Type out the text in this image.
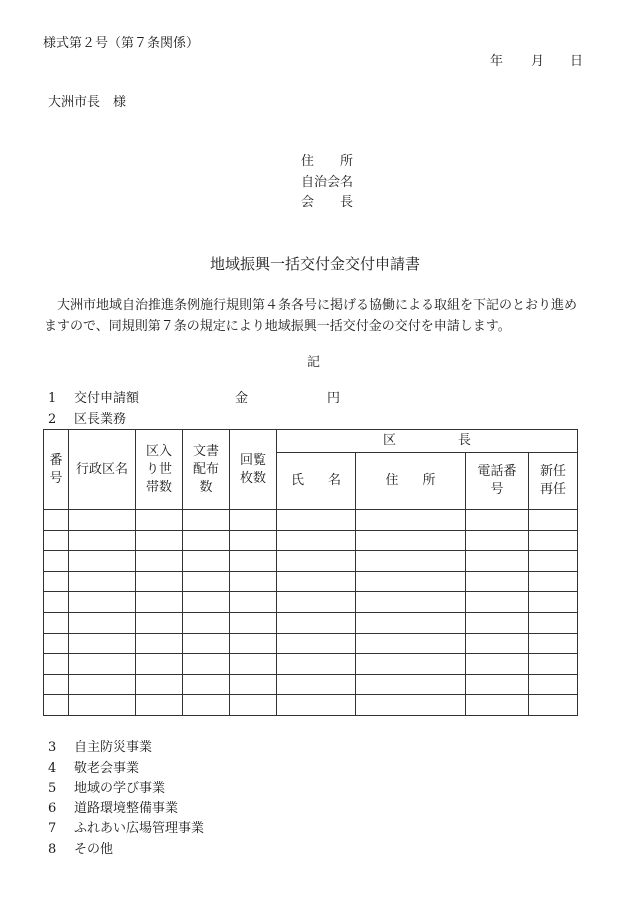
様式第２号（第７条関係）
年 月 日
大洲市長　様
住 所
自治会名
会 長
地域振興一括交付金交付申請書
大洲市地域自治推進条例施行規則第４条各号に掲げる協働による取組を下記のとおり進めますので、同規則第７条の規定により地域振興一括交付金の交付を申請します。
記
1 交付申請額	金	円
2 区長業務
番号	行政区名	区入り世帯数	文書配布数	回覧枚数	区 長			
					氏 名	住 所	電話番号	新任再任

3 自主防災事業
4 敬老会事業
5 地域の学び事業
6 道路環境整備事業
7 ふれあい広場管理事業
8 その他
